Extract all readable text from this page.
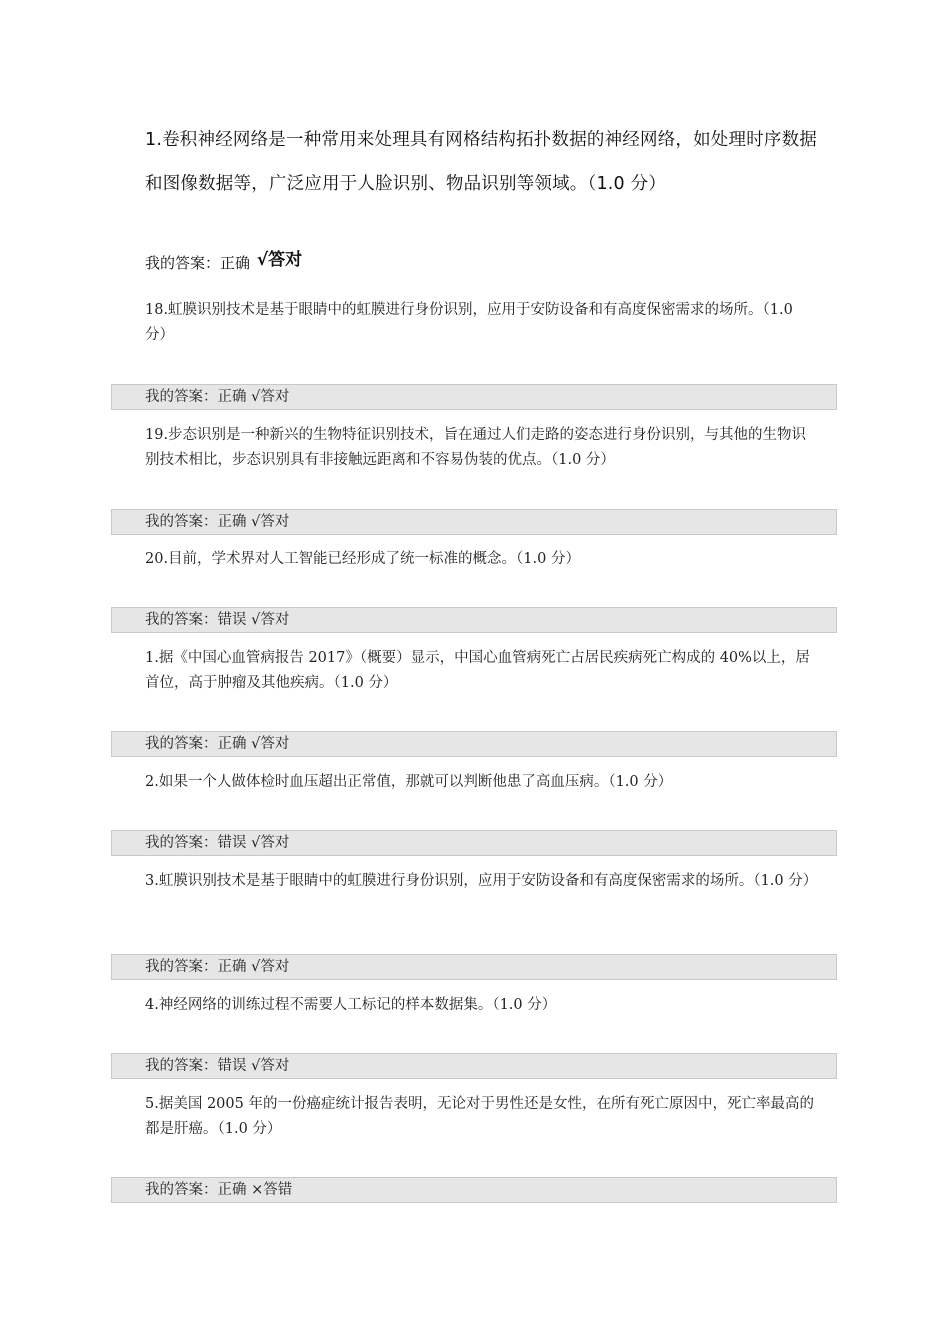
1.卷积神经网络是一种常用来处理具有网格结构拓扑数据的神经网络，如处理时序数据和图像数据等，广泛应用于人脸识别、物品识别等领域。（1.0 分）
我的答案：正确 √答对
18.虹膜识别技术是基于眼睛中的虹膜进行身份识别，应用于安防设备和有高度保密需求的场所。（1.0 分）
我的答案：正确 √答对
19.步态识别是一种新兴的生物特征识别技术，旨在通过人们走路的姿态进行身份识别，与其他的生物识别技术相比，步态识别具有非接触远距离和不容易伪装的优点。（1.0 分）
我的答案：正确 √答对
20.目前，学术界对人工智能已经形成了统一标准的概念。（1.0 分）
我的答案：错误 √答对
1.据《中国心血管病报告 2017》（概要）显示，中国心血管病死亡占居民疾病死亡构成的 40%以上，居首位，高于肿瘤及其他疾病。（1.0 分）
我的答案：正确 √答对
2.如果一个人做体检时血压超出正常值，那就可以判断他患了高血压病。（1.0 分）
我的答案：错误 √答对
3.虹膜识别技术是基于眼睛中的虹膜进行身份识别，应用于安防设备和有高度保密需求的场所。（1.0 分）
我的答案：正确 √答对
4.神经网络的训练过程不需要人工标记的样本数据集。（1.0 分）
我的答案：错误 √答对
5.据美国 2005 年的一份癌症统计报告表明，无论对于男性还是女性，在所有死亡原因中，死亡率最高的都是肝癌。（1.0 分）
我的答案：正确 ×答错
